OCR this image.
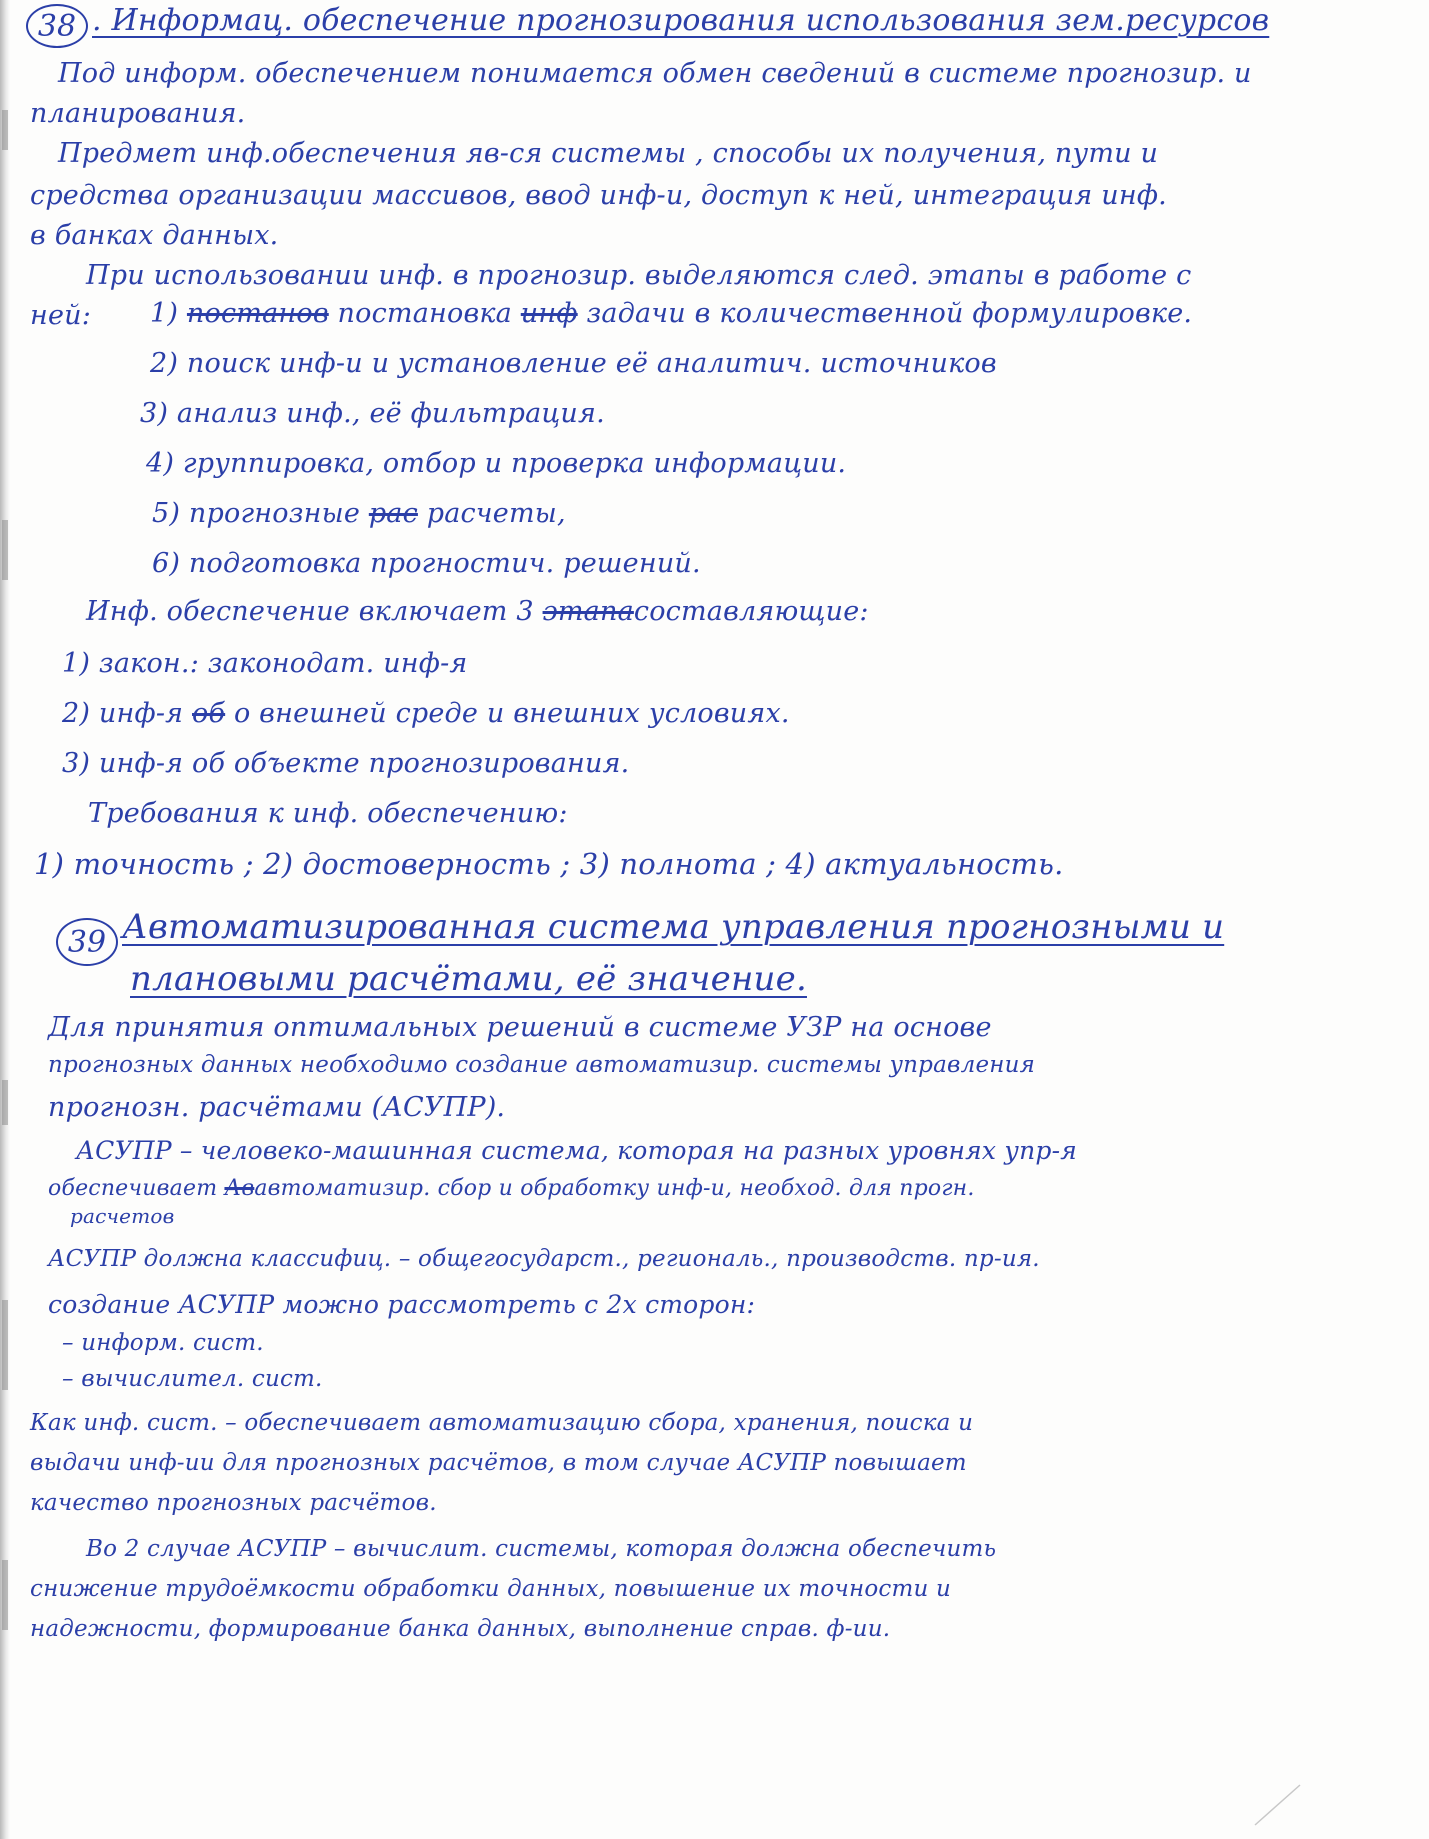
38 . Информац. обеспечение прогнозирования использования зем.ресурсов
Под информ. обеспечением понимается обмен сведений в системе прогнозир. и
планирования.
Предмет инф.обеспечения яв-ся системы , способы их получения, пути и
средства организации массивов, ввод инф-и, доступ к ней, интеграция инф.
в банках данных.
При использовании инф. в прогнозир. выделяются след. этапы в работе с
ней: 1) постанов постановка инф задачи в количественной формулировке.
2) поиск инф-и и установление её аналитич. источников
3) анализ инф., её фильтрация.
4) группировка, отбор и проверка информации.
5) прогнозные рас расчеты,
6) подготовка прогностич. решений.
Инф. обеспечение включает 3 этапасоставляющие:
1) закон.: законодат. инф-я
2) инф-я об о внешней среде и внешних условиях.
3) инф-я об объекте прогнозирования.
Требования к инф. обеспечению:
1) точность ; 2) достоверность ; 3) полнота ; 4) актуальность.
39 Автоматизированная система управления прогнозными и
плановыми расчётами, её значение.
Для принятия оптимальных решений в системе УЗР на основе
прогнозных данных необходимо создание автоматизир. системы управления
прогнозн. расчётами (АСУПР).
АСУПР – человеко-машинная система, которая на разных уровнях упр-я
обеспечивает Ававтоматизир. сбор и обработку инф-и, необход. для прогн.
расчетов
АСУПР должна классифиц. – общегосударст., региональ., производств. пр-ия.
создание АСУПР можно рассмотреть с 2х сторон:
– информ. сист.
– вычислител. сист.
Как инф. сист. – обеспечивает автоматизацию сбора, хранения, поиска и
выдачи инф-ии для прогнозных расчётов, в том случае АСУПР повышает
качество прогнозных расчётов.
Во 2 случае АСУПР – вычислит. системы, которая должна обеспечить
снижение трудоёмкости обработки данных, повышение их точности и
надежности, формирование банка данных, выполнение справ. ф-ии.
